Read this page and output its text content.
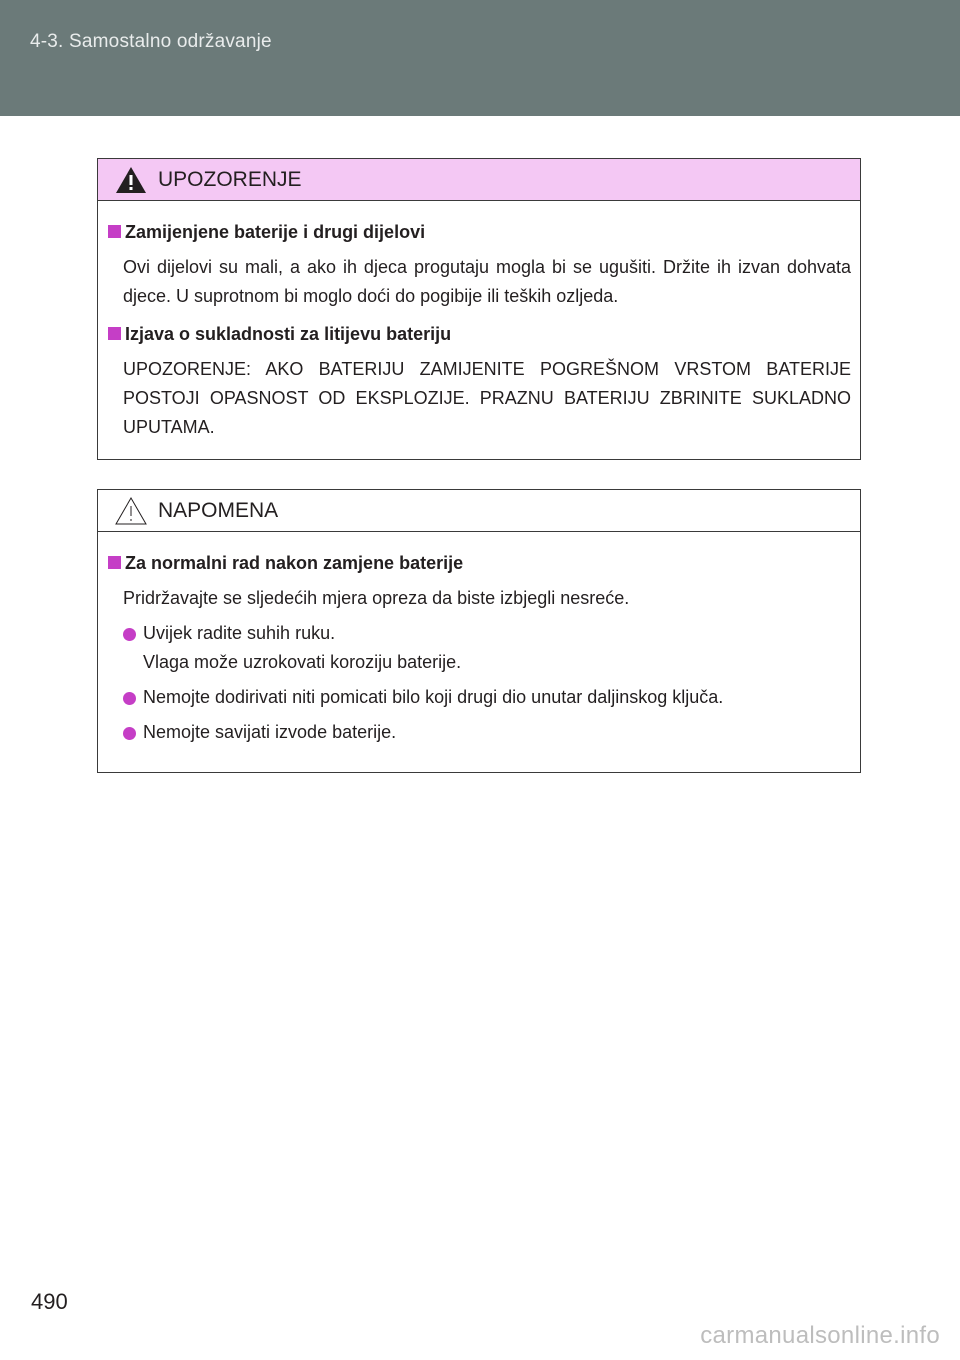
4-3. Samostalno održavanje
UPOZORENJE
Zamijenjene baterije i drugi dijelovi
Ovi dijelovi su mali, a ako ih djeca progutaju mogla bi se ugušiti. Držite ih izvan dohvata djece. U suprotnom bi moglo doći do pogibije ili teških ozljeda.
Izjava o sukladnosti za litijevu bateriju
UPOZORENJE: AKO BATERIJU ZAMIJENITE POGREŠNOM VRSTOM BATERIJE POSTOJI OPASNOST OD EKSPLOZIJE. PRAZNU BATERIJU ZBRINITE SUKLADNO UPUTAMA.
NAPOMENA
Za normalni rad nakon zamjene baterije
Pridržavajte se sljedećih mjera opreza da biste izbjegli nesreće.
Uvijek radite suhih ruku.
Vlaga može uzrokovati koroziju baterije.
Nemojte dodirivati niti pomicati bilo koji drugi dio unutar daljinskog ključa.
Nemojte savijati izvode baterije.
490
carmanualsonline.info
